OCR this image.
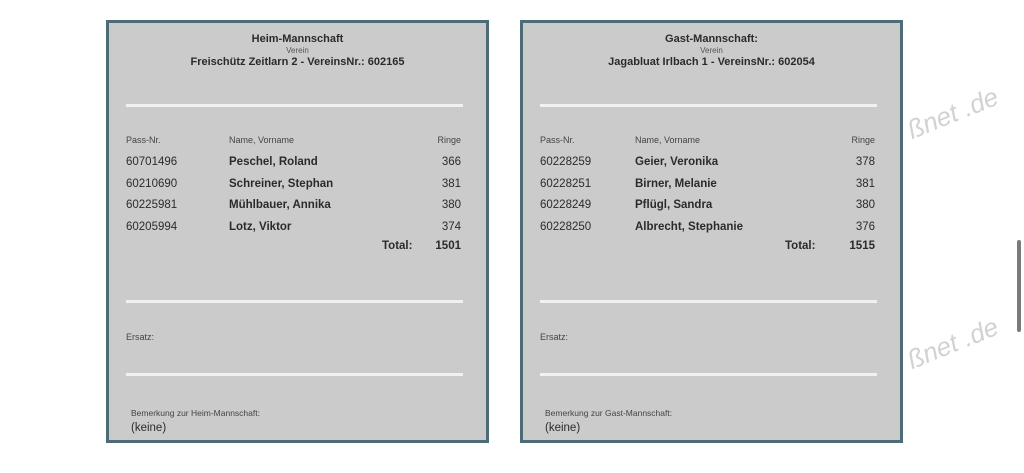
ßnet .de
ßnet .de
Heim-Mannschaft
Verein
Freischütz Zeitlarn 2 - VereinsNr.: 602165
Pass-Nr.	Name, Vorname	Ringe
60701496	Peschel, Roland	366
60210690	Schreiner, Stephan	381
60225981	Mühlbauer, Annika	380
60205994	Lotz, Viktor	374
Total: 1501
Ersatz:
Bemerkung zur Heim-Mannschaft:
(keine)
Gast-Mannschaft:
Verein
Jagabluat Irlbach 1 - VereinsNr.: 602054
Pass-Nr.	Name, Vorname	Ringe
60228259	Geier, Veronika	378
60228251	Birner, Melanie	381
60228249	Pflügl, Sandra	380
60228250	Albrecht, Stephanie	376
Total:	1515
Ersatz:
Bemerkung zur Gast-Mannschaft:
(keine)
